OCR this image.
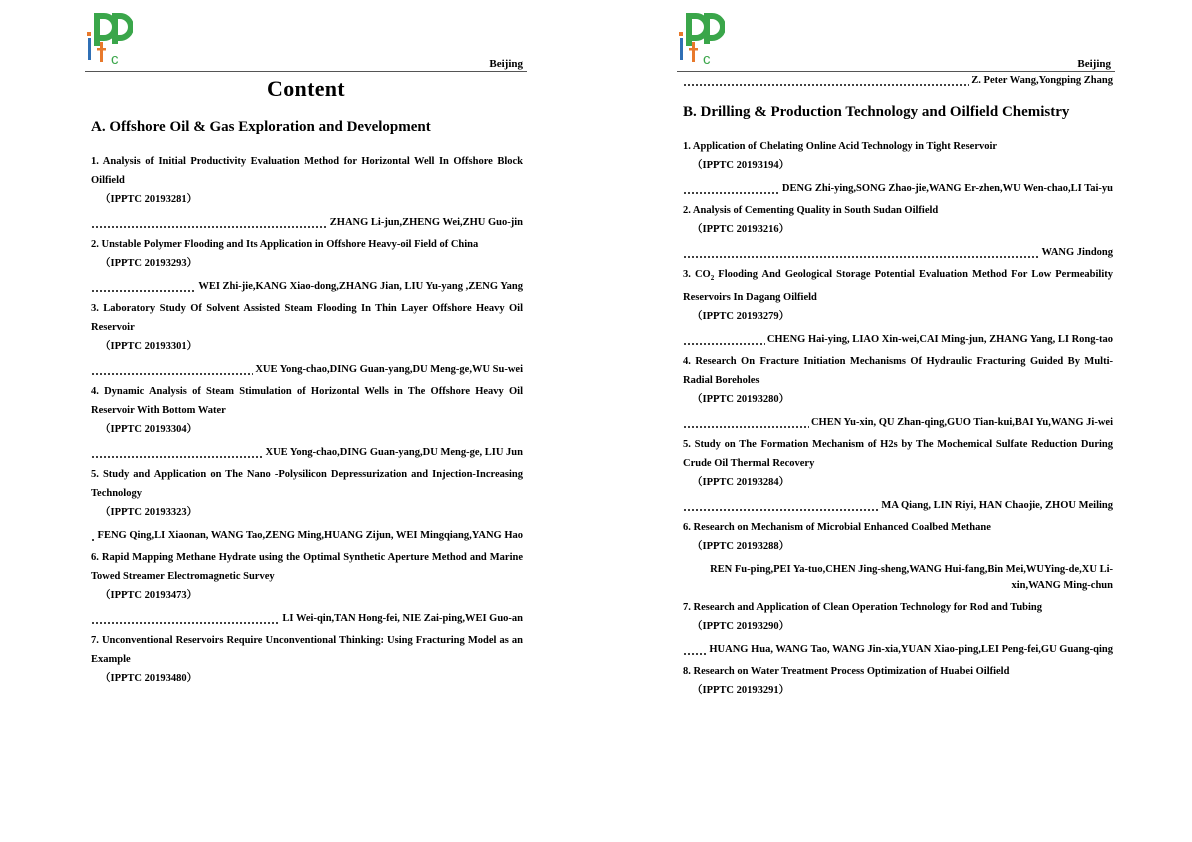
c	Beijing
Content
A. Offshore Oil & Gas Exploration and Development
1. Analysis of Initial Productivity Evaluation Method for Horizontal Well In Offshore Block Oilfield
（IPPTC 20193281）
ZHANG Li-jun,ZHENG Wei,ZHU Guo-jin
2. Unstable Polymer Flooding and Its Application in Offshore Heavy-oil Field of China
（IPPTC 20193293）
WEI Zhi-jie,KANG Xiao-dong,ZHANG Jian, LIU Yu-yang ,ZENG Yang
3. Laboratory Study Of Solvent Assisted Steam Flooding In Thin Layer Offshore Heavy Oil Reservoir
（IPPTC 20193301）
XUE Yong-chao,DING Guan-yang,DU Meng-ge,WU Su-wei
4. Dynamic Analysis of Steam Stimulation of Horizontal Wells in The Offshore Heavy Oil Reservoir With Bottom Water
（IPPTC 20193304）
XUE Yong-chao,DING Guan-yang,DU Meng-ge, LIU Jun
5. Study and Application on The Nano -Polysilicon Depressurization and Injection-Increasing Technology
（IPPTC 20193323）
FENG Qing,LI Xiaonan, WANG Tao,ZENG Ming,HUANG Zijun, WEI Mingqiang,YANG Hao
6. Rapid Mapping Methane Hydrate using the Optimal Synthetic Aperture Method and Marine Towed Streamer Electromagnetic Survey
（IPPTC 20193473）
LI Wei-qin,TAN Hong-fei, NIE Zai-ping,WEI Guo-an
7. Unconventional Reservoirs Require Unconventional Thinking: Using Fracturing Model as an Example
（IPPTC 20193480）
c	Beijing
Z. Peter Wang,Yongping Zhang
B. Drilling & Production Technology and Oilfield Chemistry
1. Application of Chelating Online Acid Technology in Tight Reservoir
（IPPTC 20193194）
DENG Zhi-ying,SONG Zhao-jie,WANG Er-zhen,WU Wen-chao,LI Tai-yu
2. Analysis of Cementing Quality in South Sudan Oilfield
（IPPTC 20193216）
WANG Jindong
3. $CO_2$ Flooding And Geological Storage Potential Evaluation Method For Low Permeability Reservoirs In Dagang Oilfield
（IPPTC 20193279）
CHENG Hai-ying, LIAO Xin-wei,CAI Ming-jun, ZHANG Yang, LI Rong-tao
4. Research On Fracture Initiation Mechanisms Of Hydraulic Fracturing Guided By Multi-Radial Boreholes
（IPPTC 20193280）
CHEN Yu-xin, QU Zhan-qing,GUO Tian-kui,BAI Yu,WANG Ji-wei
5. Study on The Formation Mechanism of H2s by The Mochemical Sulfate Reduction During Crude Oil Thermal Recovery
（IPPTC 20193284）
MA Qiang, LIN Riyi, HAN Chaojie, ZHOU Meiling
6. Research on Mechanism of Microbial Enhanced Coalbed Methane
（IPPTC 20193288）
REN Fu-ping,PEI Ya-tuo,CHEN Jing-sheng,WANG Hui-fang,Bin Mei,WUYing-de,XU Li-xin,WANG Ming-chun
7. Research and Application of Clean Operation Technology for Rod and Tubing
（IPPTC 20193290）
HUANG Hua, WANG Tao, WANG Jin-xia,YUAN Xiao-ping,LEI Peng-fei,GU Guang-qing
8. Research on Water Treatment Process Optimization of Huabei Oilfield
（IPPTC 20193291）
